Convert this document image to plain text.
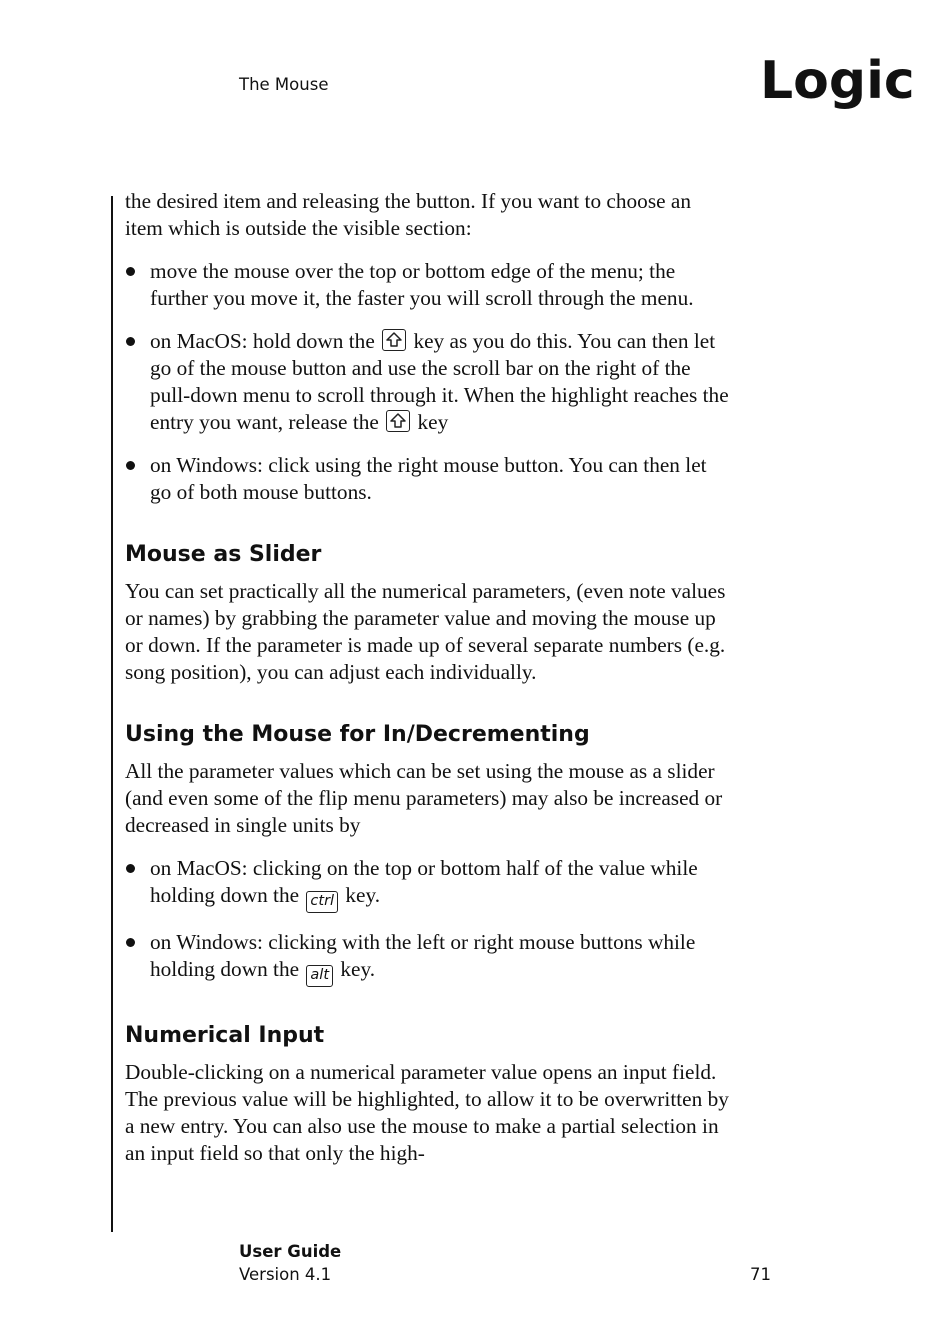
The Mouse	Logic

the desired item and releasing the button. If you want to choose an item which is outside the visible section:

move the mouse over the top or bottom edge of the menu; the further you move it, the faster you will scroll through the menu.
on MacOS: hold down the key as you do this. You can then let go of the mouse button and use the scroll bar on the right of the pull-down menu to scroll through it. When the highlight reaches the entry you want, release the key
on Windows: click using the right mouse button. You can then let go of both mouse buttons.
Mouse as Slider

You can set practically all the numerical parameters, (even note values or names) by grabbing the parameter value and moving the mouse up or down. If the parameter is made up of several separate numbers (e.g. song position), you can adjust each individually.

Using the Mouse for In/Decrementing

All the parameter values which can be set using the mouse as a slider (and even some of the flip menu parameters) may also be increased or decreased in single units by

on MacOS: clicking on the top or bottom half of the value while holding down the ctrl key.
on Windows: clicking with the left or right mouse buttons while holding down the alt key.
Numerical Input

Double-clicking on a numerical parameter value opens an input field. The previous value will be highlighted, to allow it to be overwritten by a new entry. You can also use the mouse to make a partial selection in an input field so that only the high-

User Guide
Version 4.1	71
